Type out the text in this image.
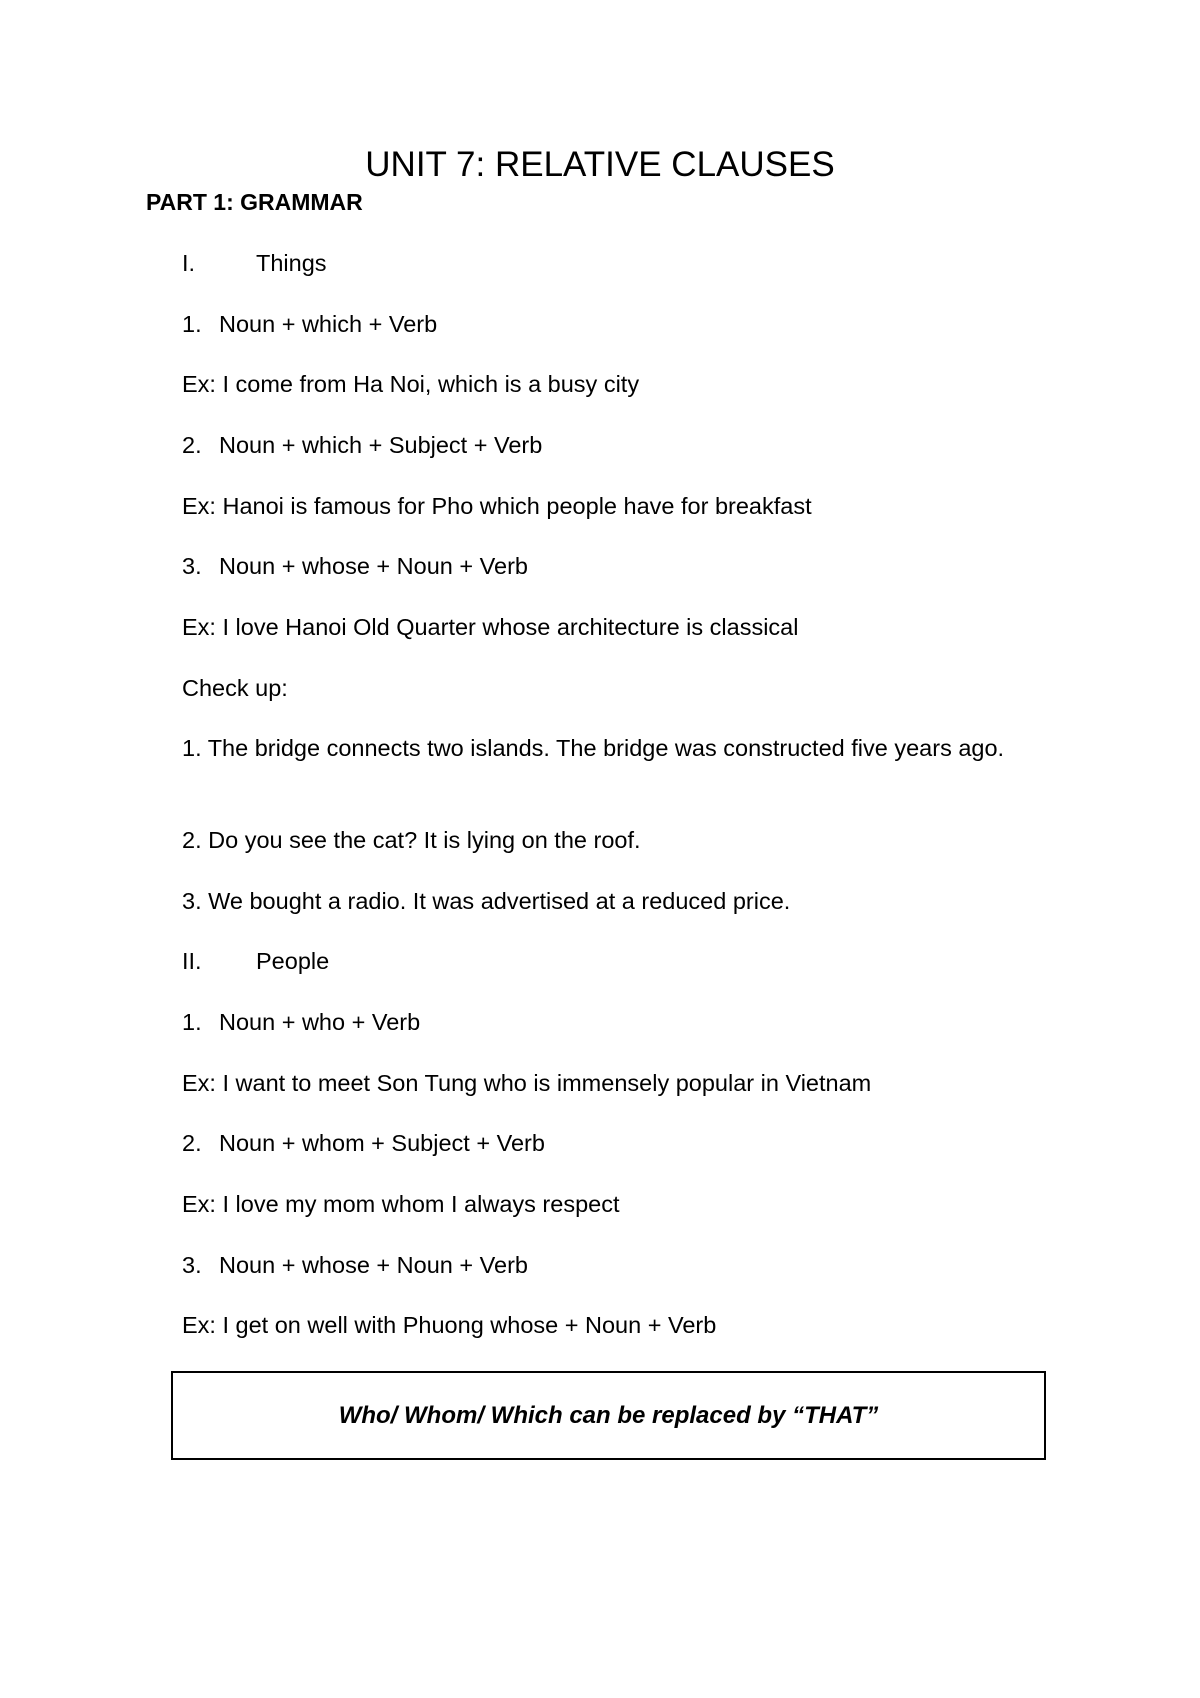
UNIT 7: RELATIVE CLAUSES
PART 1: GRAMMAR
I.	Things
1. Noun + which + Verb
Ex: I come from Ha Noi, which is a busy city
2. Noun + which + Subject + Verb
Ex: Hanoi is famous for Pho which people have for breakfast
3. Noun + whose + Noun + Verb
Ex: I love Hanoi Old Quarter whose architecture is classical
Check up:
1. The bridge connects two islands. The bridge was constructed five years ago.
2. Do you see the cat? It is lying on the roof.
3. We bought a radio. It was advertised at a reduced price.
II. People
1. Noun + who + Verb
Ex: I want to meet Son Tung who is immensely popular in Vietnam
2. Noun + whom + Subject + Verb
Ex: I love my mom whom I always respect
3. Noun + whose + Noun + Verb
Ex: I get on well with Phuong whose + Noun + Verb
Who/ Whom/ Which can be replaced by “THAT”
